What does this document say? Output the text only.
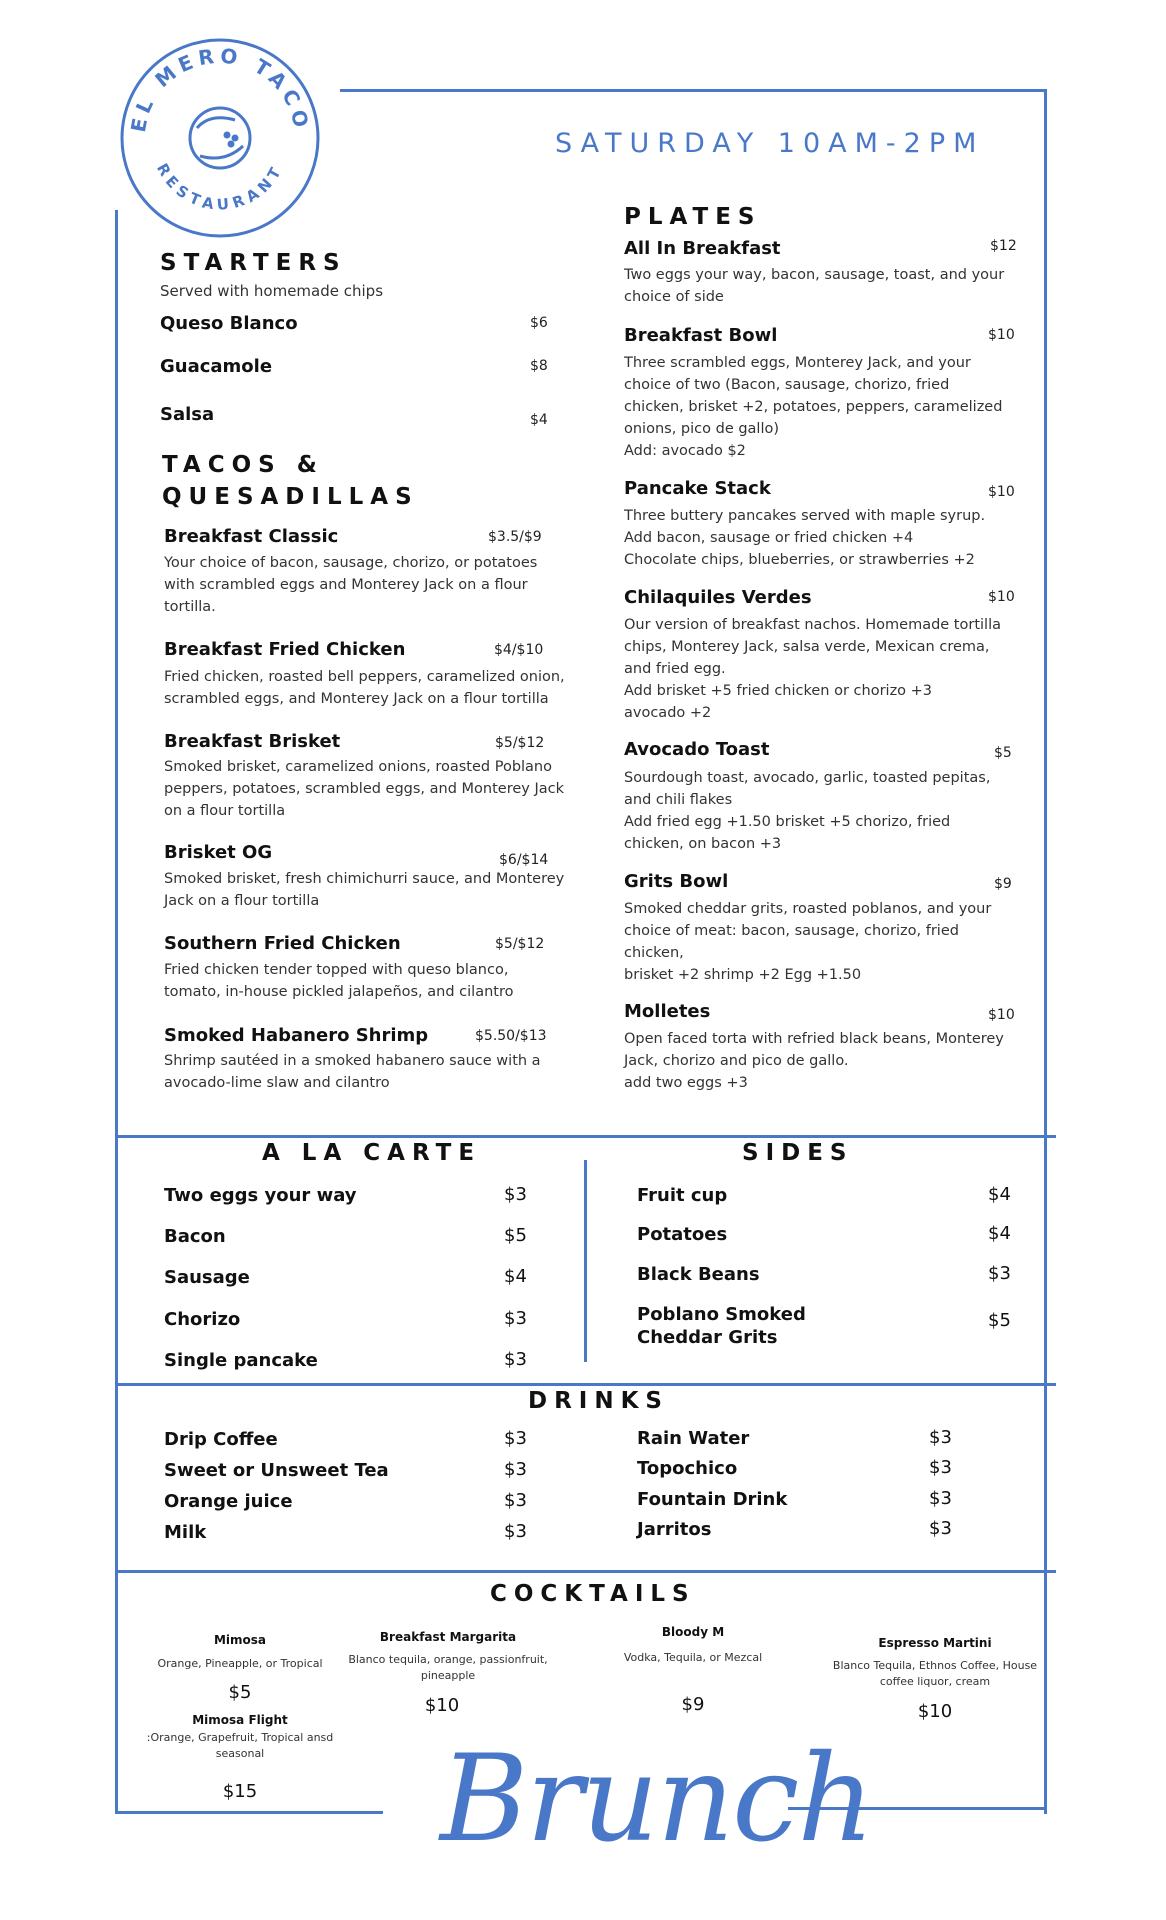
EL MERO TACO
RESTAURANT
SATURDAY 10AM-2PM
STARTERS
Served with homemade chips
Queso Blanco	$6
Guacamole	$8
Salsa	$4
TACOS &
QUESADILLAS
Breakfast Classic	$3.5/$9
Your choice of bacon, sausage, chorizo, or potatoes
with scrambled eggs and Monterey Jack on a flour
tortilla.
Breakfast Fried Chicken	$4/$10
Fried chicken, roasted bell peppers, caramelized onion,
scrambled eggs, and Monterey Jack on a flour tortilla
Breakfast Brisket	$5/$12
Smoked brisket, caramelized onions, roasted Poblano
peppers, potatoes, scrambled eggs, and Monterey Jack
on a flour tortilla
Brisket OG	$6/$14
Smoked brisket, fresh chimichurri sauce, and Monterey
Jack on a flour tortilla
Southern Fried Chicken	$5/$12
Fried chicken tender topped with queso blanco,
tomato, in-house pickled jalapeños, and cilantro
Smoked Habanero Shrimp	$5.50/$13
Shrimp sautéed in a smoked habanero sauce with a
avocado-lime slaw and cilantro
PLATES
All In Breakfast	$12
Two eggs your way, bacon, sausage, toast, and your
choice of side
Breakfast Bowl	$10
Three scrambled eggs, Monterey Jack, and your
choice of two (Bacon, sausage, chorizo, fried
chicken, brisket +2, potatoes, peppers, caramelized
onions, pico de gallo)
Add: avocado $2
Pancake Stack	$10
Three buttery pancakes served with maple syrup.
Add bacon, sausage or fried chicken +4
Chocolate chips, blueberries, or strawberries +2
Chilaquiles Verdes	$10
Our version of breakfast nachos. Homemade tortilla
chips, Monterey Jack, salsa verde, Mexican crema,
and fried egg.
Add brisket +5 fried chicken or chorizo +3
avocado +2
Avocado Toast	$5
Sourdough toast, avocado, garlic, toasted pepitas,
and chili flakes
Add fried egg +1.50 brisket +5 chorizo, fried
chicken, on bacon +3
Grits Bowl	$9
Smoked cheddar grits, roasted poblanos, and your
choice of meat: bacon, sausage, chorizo, fried
chicken,
brisket +2 shrimp +2 Egg +1.50
Molletes	$10
Open faced torta with refried black beans, Monterey
Jack, chorizo and pico de gallo.
add two eggs +3
A LA CARTE
Two eggs your way	$3
Bacon	$5
Sausage	$4
Chorizo	$3
Single pancake	$3
SIDES
Fruit cup	$4
Potatoes	$4
Black Beans	$3
Poblano Smoked
Cheddar Grits
$5
DRINKS
Drip Coffee	$3
Sweet or Unsweet Tea	$3
Orange juice	$3
Milk	$3
Rain Water	$3
Topochico	$3
Fountain Drink	$3
Jarritos	$3
COCKTAILS
Mimosa
Orange, Pineapple, or Tropical
$5
Mimosa Flight
:Orange, Grapefruit, Tropical ansd
seasonal
$15
Breakfast Margarita
Blanco tequila, orange, passionfruit,
pineapple
$10
Bloody M
Vodka, Tequila, or Mezcal
$9
Espresso Martini
Blanco Tequila, Ethnos Coffee, House
coffee liquor, cream
$10
Brunch
